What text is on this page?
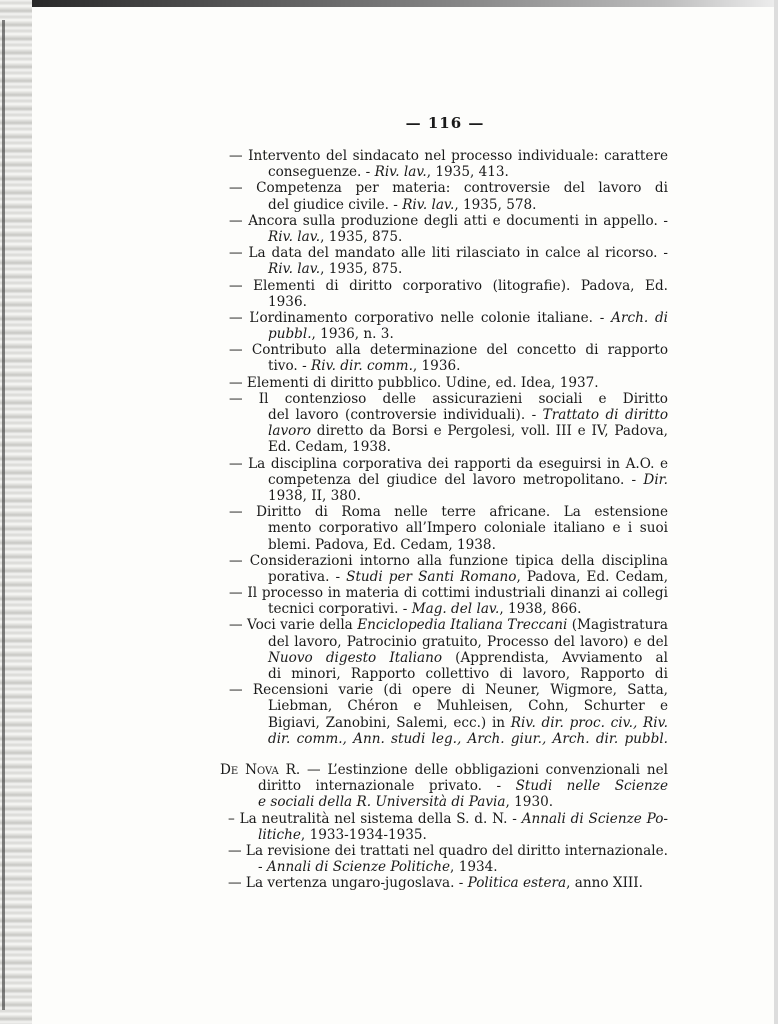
— 116 —
— Intervento del sindacato nel processo individuale: carattere
conseguenze. - Riv. lav., 1935, 413.
— Competenza per materia: controversie del lavoro di
del giudice civile. - Riv. lav., 1935, 578.
— Ancora sulla produzione degli atti e documenti in appello. -
Riv. lav., 1935, 875.
— La data del mandato alle liti rilasciato in calce al ricorso. -
Riv. lav., 1935, 875.
— Elementi di diritto corporativo (litografie). Padova, Ed.
1936.
— L’ordinamento corporativo nelle colonie italiane. - Arch. di
pubbl., 1936, n. 3.
— Contributo alla determinazione del concetto di rapporto
tivo. - Riv. dir. comm., 1936.
— Elementi di diritto pubblico. Udine, ed. Idea, 1937.
— Il contenzioso delle assicurazieni sociali e Diritto
del lavoro (controversie individuali). - Trattato di diritto
lavoro diretto da Borsi e Pergolesi, voll. III e IV, Padova,
Ed. Cedam, 1938.
— La disciplina corporativa dei rapporti da eseguirsi in A.O. e
competenza del giudice del lavoro metropolitano. - Dir.
1938, II, 380.
— Diritto di Roma nelle terre africane. La estensione
mento corporativo all’Impero coloniale italiano e i suoi
blemi. Padova, Ed. Cedam, 1938.
— Considerazioni intorno alla funzione tipica della disciplina
porativa. - Studi per Santi Romano, Padova, Ed. Cedam,
— Il processo in materia di cottimi industriali dinanzi ai collegi
tecnici corporativi. - Mag. del lav., 1938, 866.
— Voci varie della Enciclopedia Italiana Treccani (Magistratura
del lavoro, Patrocinio gratuito, Processo del lavoro) e del
Nuovo digesto Italiano (Apprendista, Avviamento al
di minori, Rapporto collettivo di lavoro, Rapporto di
— Recensioni varie (di opere di Neuner, Wigmore, Satta,
Liebman, Chéron e Muhleisen, Cohn, Schurter e
Bigiavi, Zanobini, Salemi, ecc.) in Riv. dir. proc. civ., Riv.
dir. comm., Ann. studi leg., Arch. giur., Arch. dir. pubbl.
De Nova R. — L’estinzione delle obbligazioni convenzionali nel
diritto internazionale privato. - Studi nelle Scienze
e sociali della R. Università di Pavia, 1930.
– La neutralità nel sistema della S. d. N. - Annali di Scienze Po-
litiche, 1933-1934-1935.
— La revisione dei trattati nel quadro del diritto internazionale.
- Annali di Scienze Politiche, 1934.
— La vertenza ungaro-jugoslava. - Politica estera, anno XIII.
